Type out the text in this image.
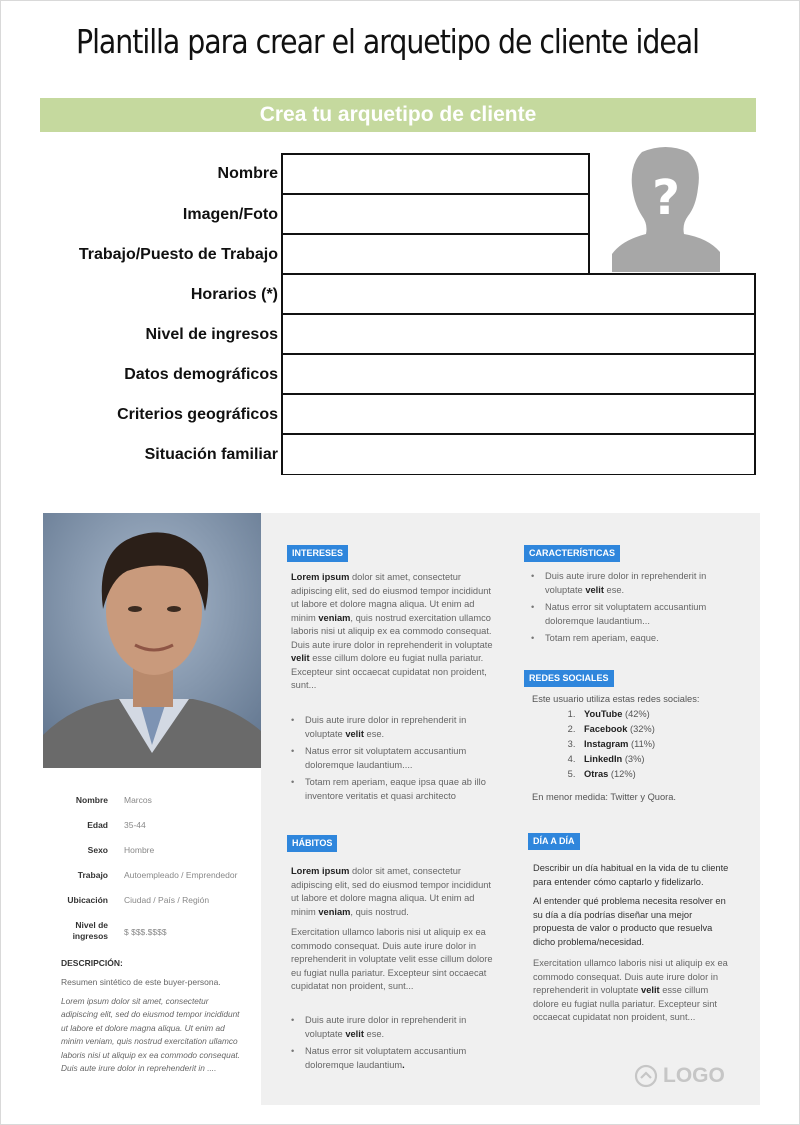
Plantilla para crear el arquetipo de cliente ideal
Crea tu arquetipo de cliente
Nombre
Imagen/Foto
Trabajo/Puesto de Trabajo
Horarios (*)
Nivel de ingresos
Datos demográficos
Criterios geográficos
Situación familiar
?
Nombre Marcos
Edad 35-44
Sexo Hombre
Trabajo Autoempleado / Emprendedor
Ubicación Ciudad / País / Región
Nivel de ingresos $ $$$.$$$$
DESCRIPCIÓN:
Resumen sintético de este buyer-persona.
Lorem ipsum dolor sit amet, consectetur adipiscing elit, sed do eiusmod tempor incididunt ut labore et dolore magna aliqua. Ut enim ad minim veniam, quis nostrud exercitation ullamco laboris nisi ut aliquip ex ea commodo consequat. Duis aute irure dolor in reprehenderit in ....
INTERESES
Lorem ipsum dolor sit amet, consectetur adipiscing elit, sed do eiusmod tempor incididunt ut labore et dolore magna aliqua. Ut enim ad minim veniam, quis nostrud exercitation ullamco laboris nisi ut aliquip ex ea commodo consequat. Duis aute irure dolor in reprehenderit in voluptate velit esse cillum dolore eu fugiat nulla pariatur. Excepteur sint occaecat cupidatat non proident, sunt...
• Duis aute irure dolor in reprehenderit in voluptate velit ese.
• Natus error sit voluptatem accusantium doloremque laudantium....
• Totam rem aperiam, eaque ipsa quae ab illo inventore veritatis et quasi architecto
HÁBITOS
Lorem ipsum dolor sit amet, consectetur adipiscing elit, sed do eiusmod tempor incididunt ut labore et dolore magna aliqua. Ut enim ad minim veniam, quis nostrud.
Exercitation ullamco laboris nisi ut aliquip ex ea commodo consequat. Duis aute irure dolor in reprehenderit in voluptate velit esse cillum dolore eu fugiat nulla pariatur. Excepteur sint occaecat cupidatat non proident, sunt...
• Duis aute irure dolor in reprehenderit in voluptate velit ese.
• Natus error sit voluptatem accusantium doloremque laudantium.
CARACTERÍSTICAS
• Duis aute irure dolor in reprehenderit in voluptate velit ese.
• Natus error sit voluptatem accusantium doloremque laudantium...
• Totam rem aperiam, eaque.
REDES SOCIALES
Este usuario utiliza estas redes sociales:
1. YouTube (42%)
2. Facebook (32%)
3. Instagram (11%)
4. LinkedIn (3%)
5. Otras (12%)
En menor medida: Twitter y Quora.
DÍA A DÍA
Describir un día habitual en la vida de tu cliente para entender cómo captarlo y fidelizarlo.
Al entender qué problema necesita resolver en su día a día podrías diseñar una mejor propuesta de valor o producto que resuelva dicho problema/necesidad.
Exercitation ullamco laboris nisi ut aliquip ex ea commodo consequat. Duis aute irure dolor in reprehenderit in voluptate velit esse cillum dolore eu fugiat nulla pariatur. Excepteur sint occaecat cupidatat non proident, sunt...
LOGO
